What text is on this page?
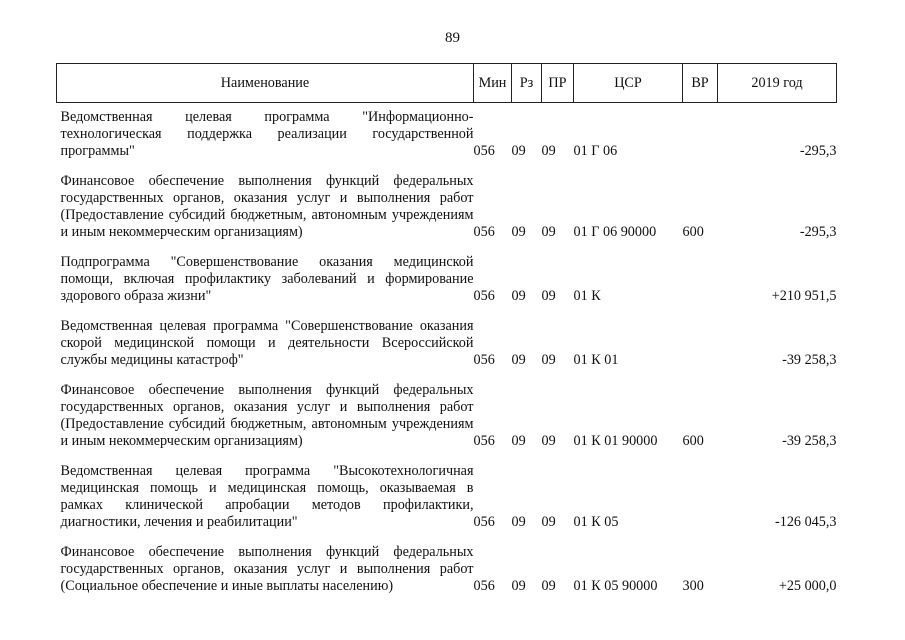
89
Наименование	Мин	Рз	ПР	ЦСР	ВР	2019 год
Ведомственная целевая программа "Информационно-технологическая поддержка реализации государственной программы"	056	09	09	01 Г 06		-295,3
Финансовое обеспечение выполнения функций федеральных государственных органов, оказания услуг и выполнения работ (Предоставление субсидий бюджетным, автономным учреждениям и иным некоммерческим организациям)	056	09	09	01 Г 06 90000	600	-295,3
Подпрограмма "Совершенствование оказания медицинской помощи, включая профилактику заболеваний и формирование здорового образа жизни"	056	09	09	01 К		+210 951,5
Ведомственная целевая программа "Совершенствование оказания скорой медицинской помощи и деятельности Всероссийской службы медицины катастроф"	056	09	09	01 К 01		-39 258,3
Финансовое обеспечение выполнения функций федеральных государственных органов, оказания услуг и выполнения работ (Предоставление субсидий бюджетным, автономным учреждениям и иным некоммерческим организациям)	056	09	09	01 К 01 90000	600	-39 258,3
Ведомственная целевая программа "Высокотехнологичная медицинская помощь и медицинская помощь, оказываемая в рамках клинической апробации методов профилактики, диагностики, лечения и реабилитации"	056	09	09	01 К 05		-126 045,3
Финансовое обеспечение выполнения функций федеральных государственных органов, оказания услуг и выполнения работ (Социальное обеспечение и иные выплаты населению)	056	09	09	01 К 05 90000	300	+25 000,0
